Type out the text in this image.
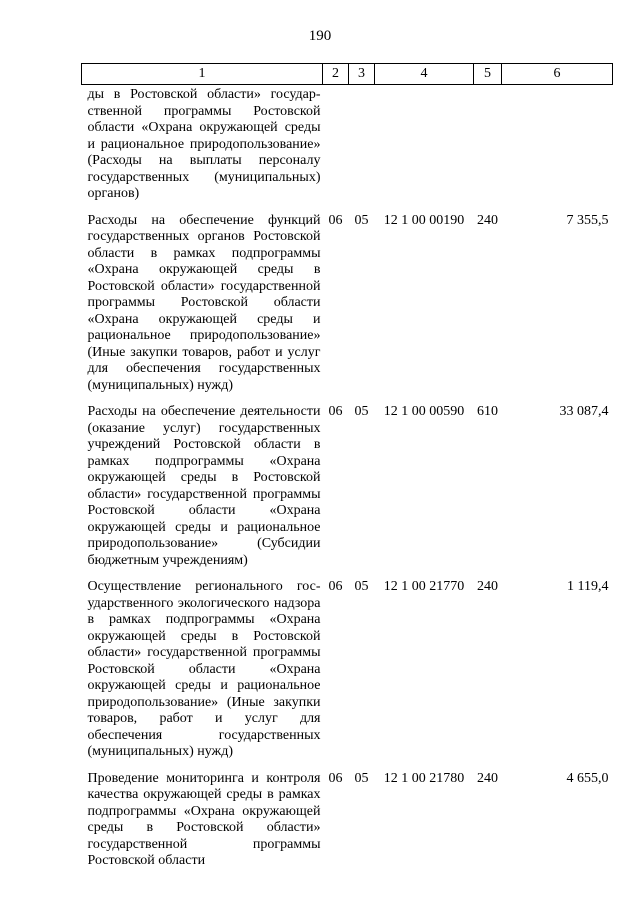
190
1	2	3	4	5	6
ды в Ростовской области» государственной программы Ростовской области «Охрана окружающей среды и рациональное природопользование» (Расходы на выплаты персоналу государственных (муниципальных) органов)					
Расходы на обеспечение функций государственных органов Ростовской области в рамках подпрограммы «Охрана окружающей среды в Ростовской области» государственной программы Ростовской области «Охрана окружающей среды и рациональное природопользование» (Иные закупки товаров, работ и услуг для обеспечения государственных (муниципальных) нужд)	06	05	12 1 00 00190	240	7 355,5
Расходы на обеспечение деятельности (оказание услуг) государственных учреждений Ростовской области в рамках подпрограммы «Охрана окружающей среды в Ростовской области» государственной программы Ростовской области «Охрана окружающей среды и рациональное природопользование» (Субсидии бюджетным учреждениям)	06	05	12 1 00 00590	610	33 087,4
Осуществление регионального государственного экологического надзора в рамках подпрограммы «Охрана окружающей среды в Ростовской области» государственной программы Ростовской области «Охрана окружающей среды и рациональное природопользование» (Иные закупки товаров, работ и услуг для обеспечения государственных (муниципальных) нужд)	06	05	12 1 00 21770	240	1 119,4
Проведение мониторинга и контроля качества окружающей среды в рамках подпрограммы «Охрана окружающей среды в Ростовской области» государственной программы Ростовской области	06	05	12 1 00 21780	240	4 655,0
